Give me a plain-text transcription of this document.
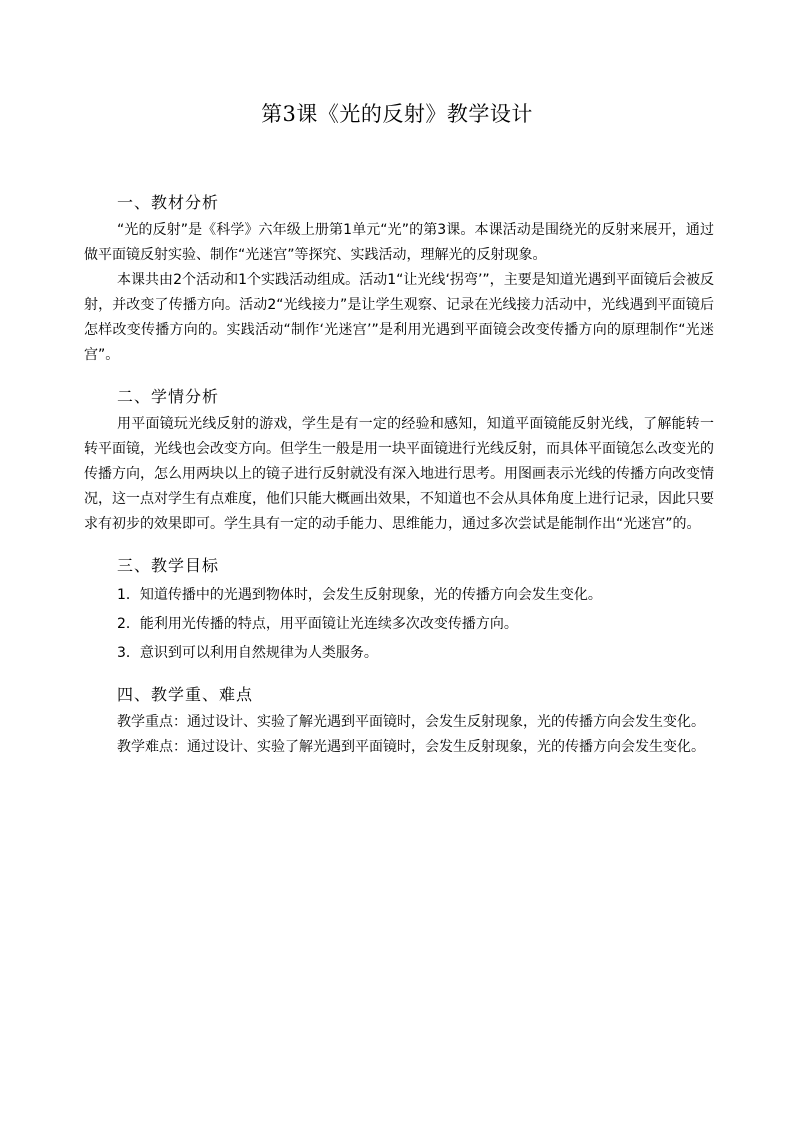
第3课《光的反射》教学设计
一、教材分析

“光的反射”是《科学》六年级上册第1单元“光”的第3课。本课活动是围绕光的反射来展开，通过做平面镜反射实验、制作“光迷宫”等探究、实践活动，理解光的反射现象。

本课共由2个活动和1个实践活动组成。活动1“让光线‘拐弯’”，主要是知道光遇到平面镜后会被反射，并改变了传播方向。活动2“光线接力”是让学生观察、记录在光线接力活动中，光线遇到平面镜后怎样改变传播方向的。实践活动“制作‘光迷宫’”是利用光遇到平面镜会改变传播方向的原理制作“光迷宫”。

二、学情分析

用平面镜玩光线反射的游戏，学生是有一定的经验和感知，知道平面镜能反射光线，了解能转一转平面镜，光线也会改变方向。但学生一般是用一块平面镜进行光线反射，而具体平面镜怎么改变光的传播方向，怎么用两块以上的镜子进行反射就没有深入地进行思考。用图画表示光线的传播方向改变情况，这一点对学生有点难度，他们只能大概画出效果，不知道也不会从具体角度上进行记录，因此只要求有初步的效果即可。学生具有一定的动手能力、思维能力，通过多次尝试是能制作出“光迷宫”的。

三、教学目标

1．知道传播中的光遇到物体时，会发生反射现象，光的传播方向会发生变化。

2．能利用光传播的特点，用平面镜让光连续多次改变传播方向。

3．意识到可以利用自然规律为人类服务。

四、教学重、难点

教学重点：通过设计、实验了解光遇到平面镜时，会发生反射现象，光的传播方向会发生变化。

教学难点：通过设计、实验了解光遇到平面镜时，会发生反射现象，光的传播方向会发生变化。
